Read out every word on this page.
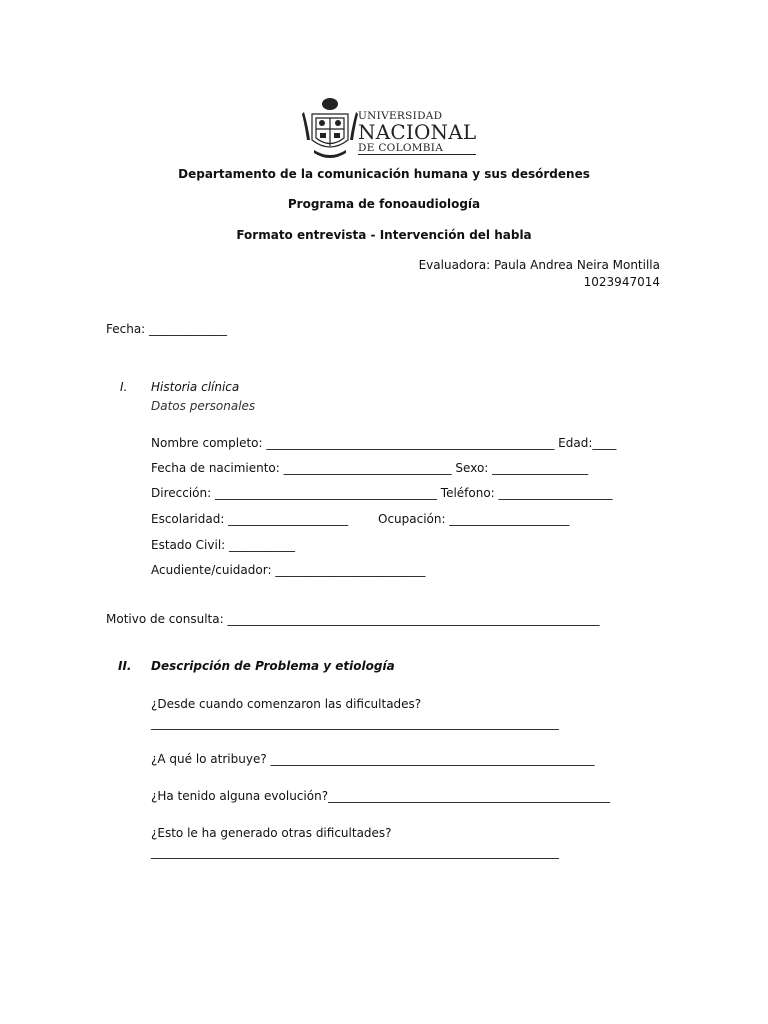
UNIVERSIDAD
NACIONAL
DE COLOMBIA
Departamento de la comunicación humana y sus desórdenes
Programa de fonoaudiología
Formato entrevista - Intervención del habla
Evaluadora: Paula Andrea Neira Montilla
1023947014
Fecha: _____________
I. Historia clínica
Datos personales
Nombre completo: ________________________________________________ Edad:____
Fecha de nacimiento: ____________________________ Sexo: ________________
Dirección: _____________________________________ Teléfono: ___________________
Escolaridad: ____________________ Ocupación: ____________________
Estado Civil: ___________
Acudiente/cuidador: _________________________
Motivo de consulta: ______________________________________________________________
II. Descripción de Problema y etiología
¿Desde cuando comenzaron las dificultades?
____________________________________________________________________
¿A qué lo atribuye? ______________________________________________________
¿Ha tenido alguna evolución?_______________________________________________
¿Esto le ha generado otras dificultades?
____________________________________________________________________
